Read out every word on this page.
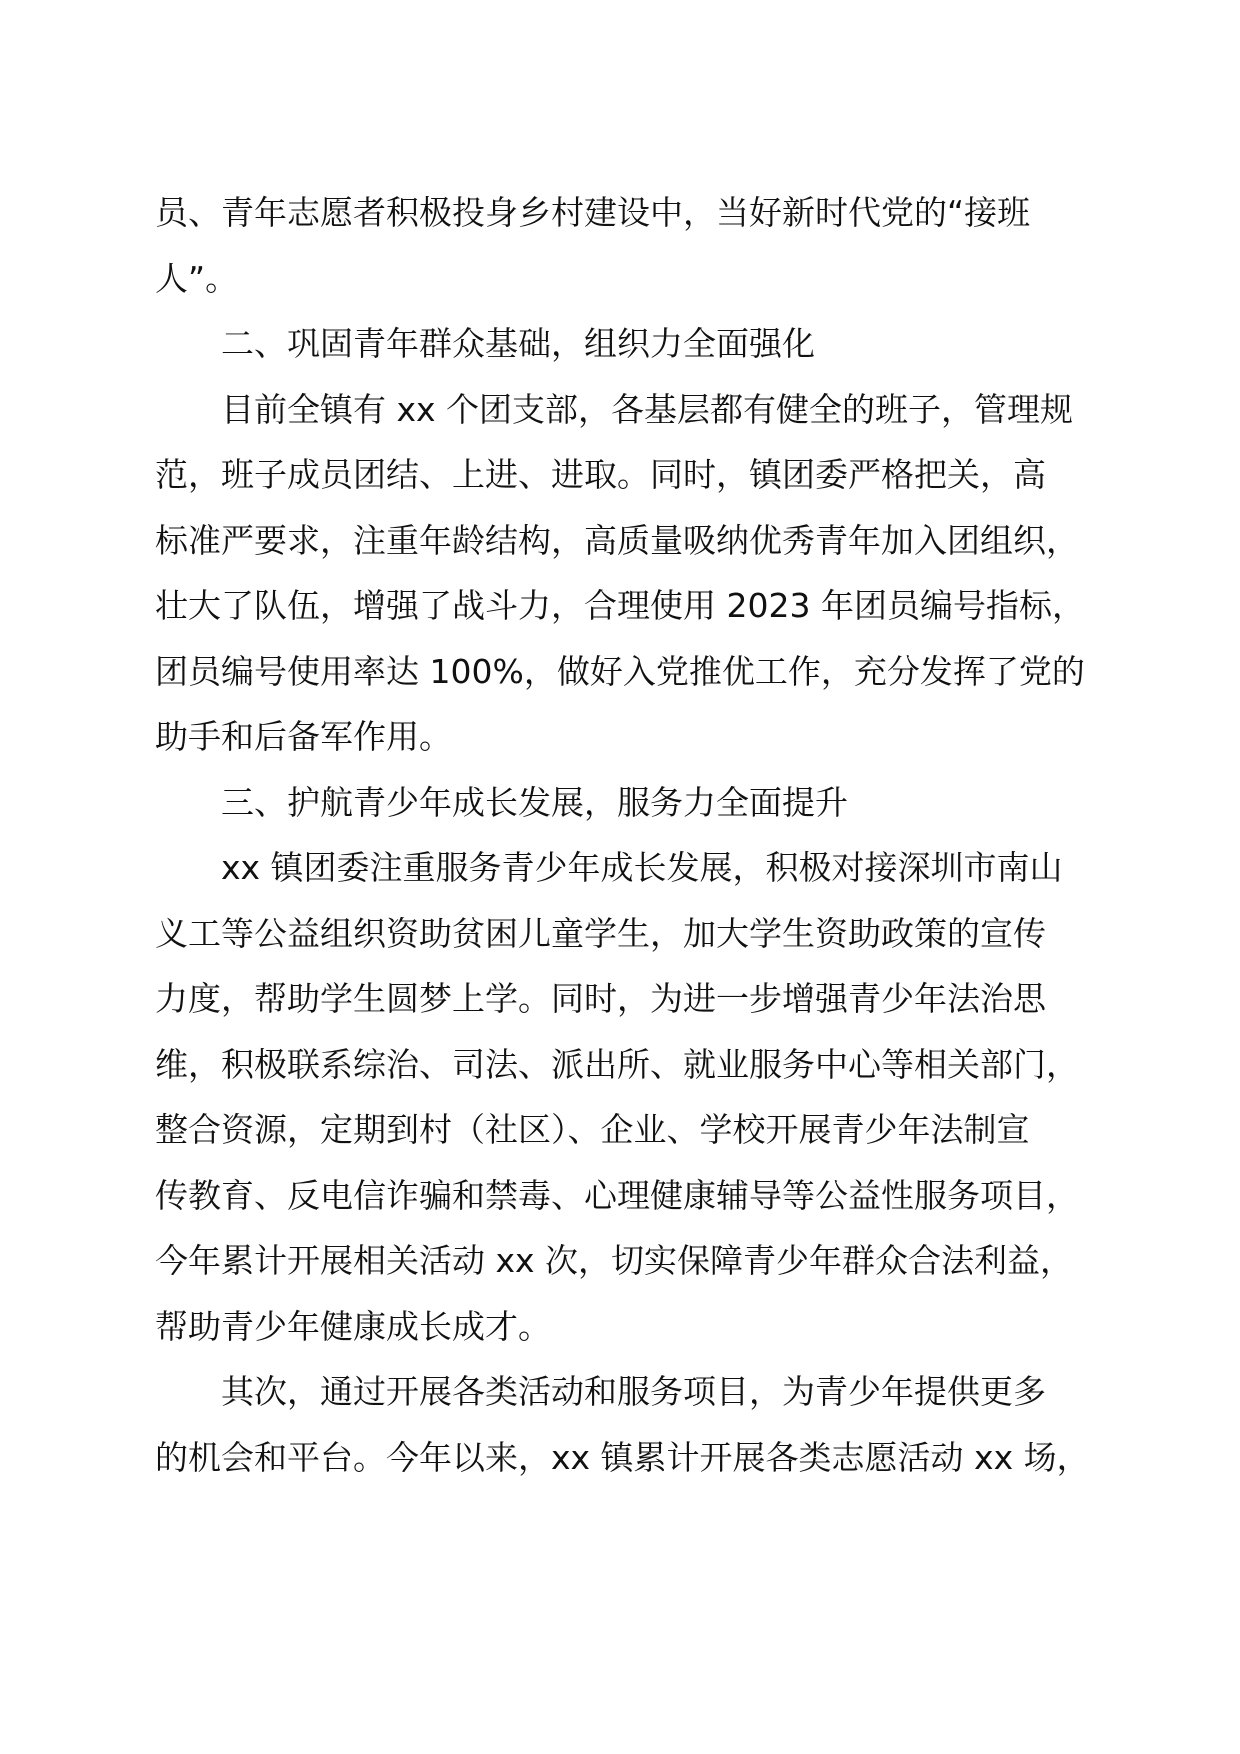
员、青年志愿者积极投身乡村建设中，当好新时代党的“接班
人”。
二、巩固青年群众基础，组织力全面强化
目前全镇有 xx 个团支部，各基层都有健全的班子，管理规
范，班子成员团结、上进、进取。同时，镇团委严格把关，高
标准严要求，注重年龄结构，高质量吸纳优秀青年加入团组织，
壮大了队伍，增强了战斗力，合理使用 2023 年团员编号指标，
团员编号使用率达 100%，做好入党推优工作，充分发挥了党的
助手和后备军作用。
三、护航青少年成长发展，服务力全面提升
xx 镇团委注重服务青少年成长发展，积极对接深圳市南山
义工等公益组织资助贫困儿童学生，加大学生资助政策的宣传
力度，帮助学生圆梦上学。同时，为进一步增强青少年法治思
维，积极联系综治、司法、派出所、就业服务中心等相关部门，
整合资源，定期到村（社区）、企业、学校开展青少年法制宣
传教育、反电信诈骗和禁毒、心理健康辅导等公益性服务项目，
今年累计开展相关活动 xx 次，切实保障青少年群众合法利益，
帮助青少年健康成长成才。
其次，通过开展各类活动和服务项目，为青少年提供更多
的机会和平台。今年以来，xx 镇累计开展各类志愿活动 xx 场，
